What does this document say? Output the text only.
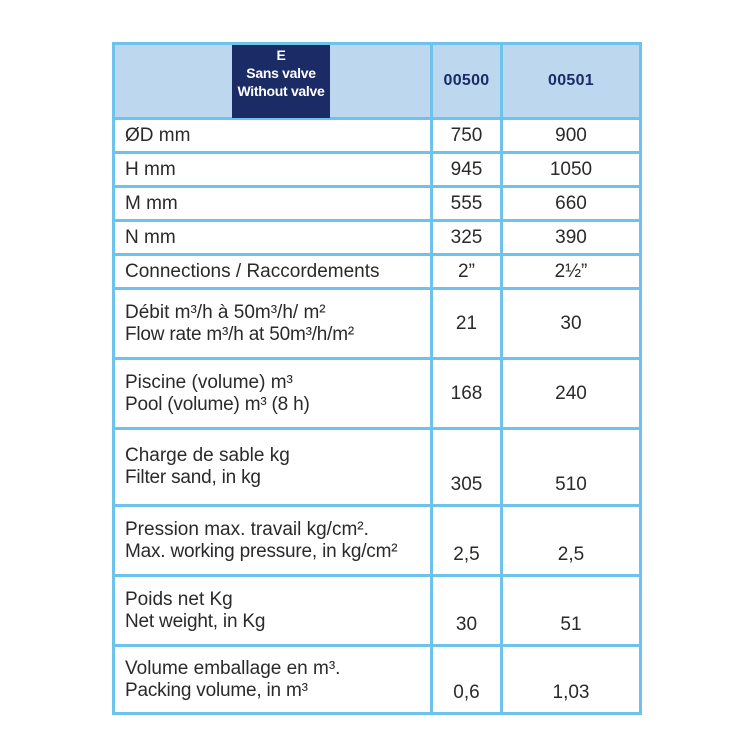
E
Sans valve
Without valve	00500	00501
ØD mm	750	900
H mm	945	1050
M mm	555	660
N mm	325	390
Connections / Raccordements	2”	2½”

Débit m³/h à 50m³/h/ m²
Flow rate m³/h at 50m³/h/m²	21	30

Piscine (volume) m³
Pool (volume) m³ (8 h)	168	240

Charge de sable kg
Filter sand, in kg	305	510

Pression max. travail kg/cm².
Max. working pressure, in kg/cm²	2,5	2,5

Poids net Kg
Net weight, in Kg	30	51

Volume emballage en m³.
Packing volume, in m³	0,6	1,03
